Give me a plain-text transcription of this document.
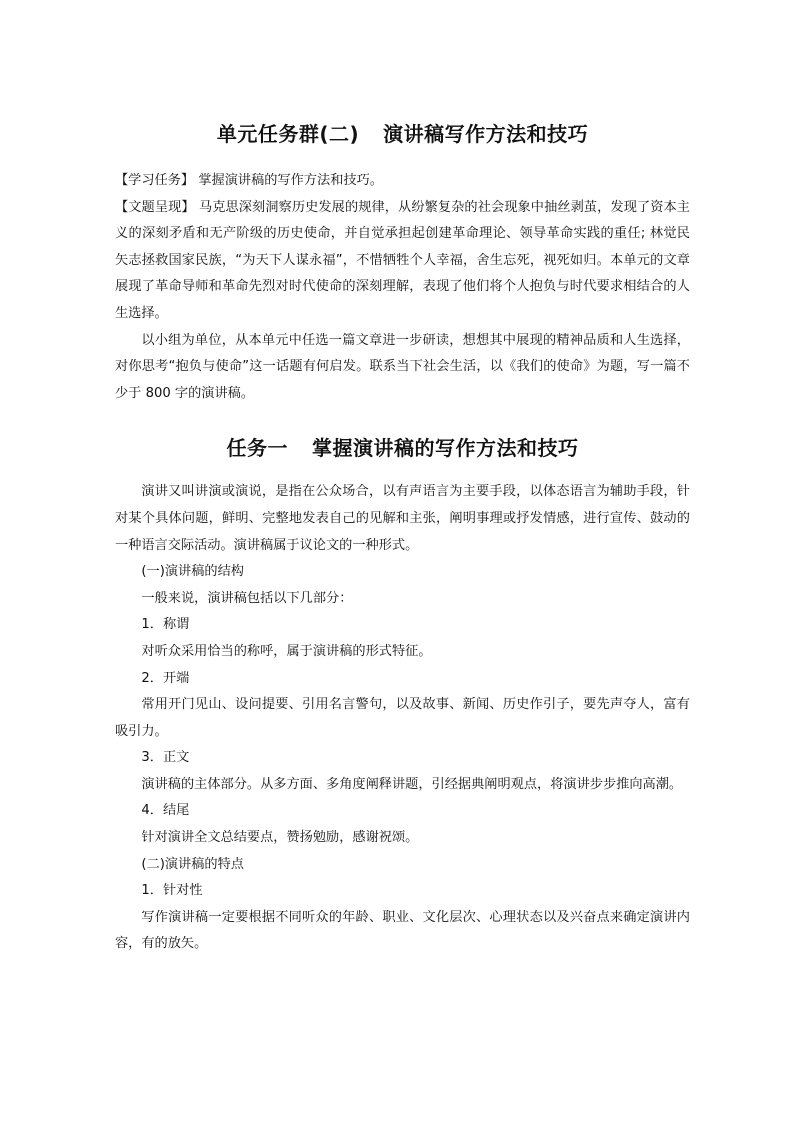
单元任务群(二) 演讲稿写作方法和技巧

【学习任务】 掌握演讲稿的写作方法和技巧。

【文题呈现】 马克思深刻洞察历史发展的规律，从纷繁复杂的社会现象中抽丝剥茧，发现了资本主义的深刻矛盾和无产阶级的历史使命，并自觉承担起创建革命理论、领导革命实践的重任; 林觉民矢志拯救国家民族，“为天下人谋永福”，不惜牺牲个人幸福，舍生忘死，视死如归。本单元的文章展现了革命导师和革命先烈对时代使命的深刻理解，表现了他们将个人抱负与时代要求相结合的人生选择。

以小组为单位，从本单元中任选一篇文章进一步研读，想想其中展现的精神品质和人生选择，对你思考“抱负与使命”这一话题有何启发。联系当下社会生活，以《我们的使命》为题，写一篇不少于 800 字的演讲稿。

任务一 掌握演讲稿的写作方法和技巧

演讲又叫讲演或演说，是指在公众场合，以有声语言为主要手段，以体态语言为辅助手段，针对某个具体问题，鲜明、完整地发表自己的见解和主张，阐明事理或抒发情感，进行宣传、鼓动的一种语言交际活动。演讲稿属于议论文的一种形式。

(一)演讲稿的结构

一般来说，演讲稿包括以下几部分：

1．称谓

对听众采用恰当的称呼，属于演讲稿的形式特征。

2．开端

常用开门见山、设问提要、引用名言警句，以及故事、新闻、历史作引子，要先声夺人，富有吸引力。

3．正文

演讲稿的主体部分。从多方面、多角度阐释讲题，引经据典阐明观点，将演讲步步推向高潮。

4．结尾

针对演讲全文总结要点，赞扬勉励，感谢祝颂。

(二)演讲稿的特点

1．针对性

写作演讲稿一定要根据不同听众的年龄、职业、文化层次、心理状态以及兴奋点来确定演讲内容，有的放矢。
